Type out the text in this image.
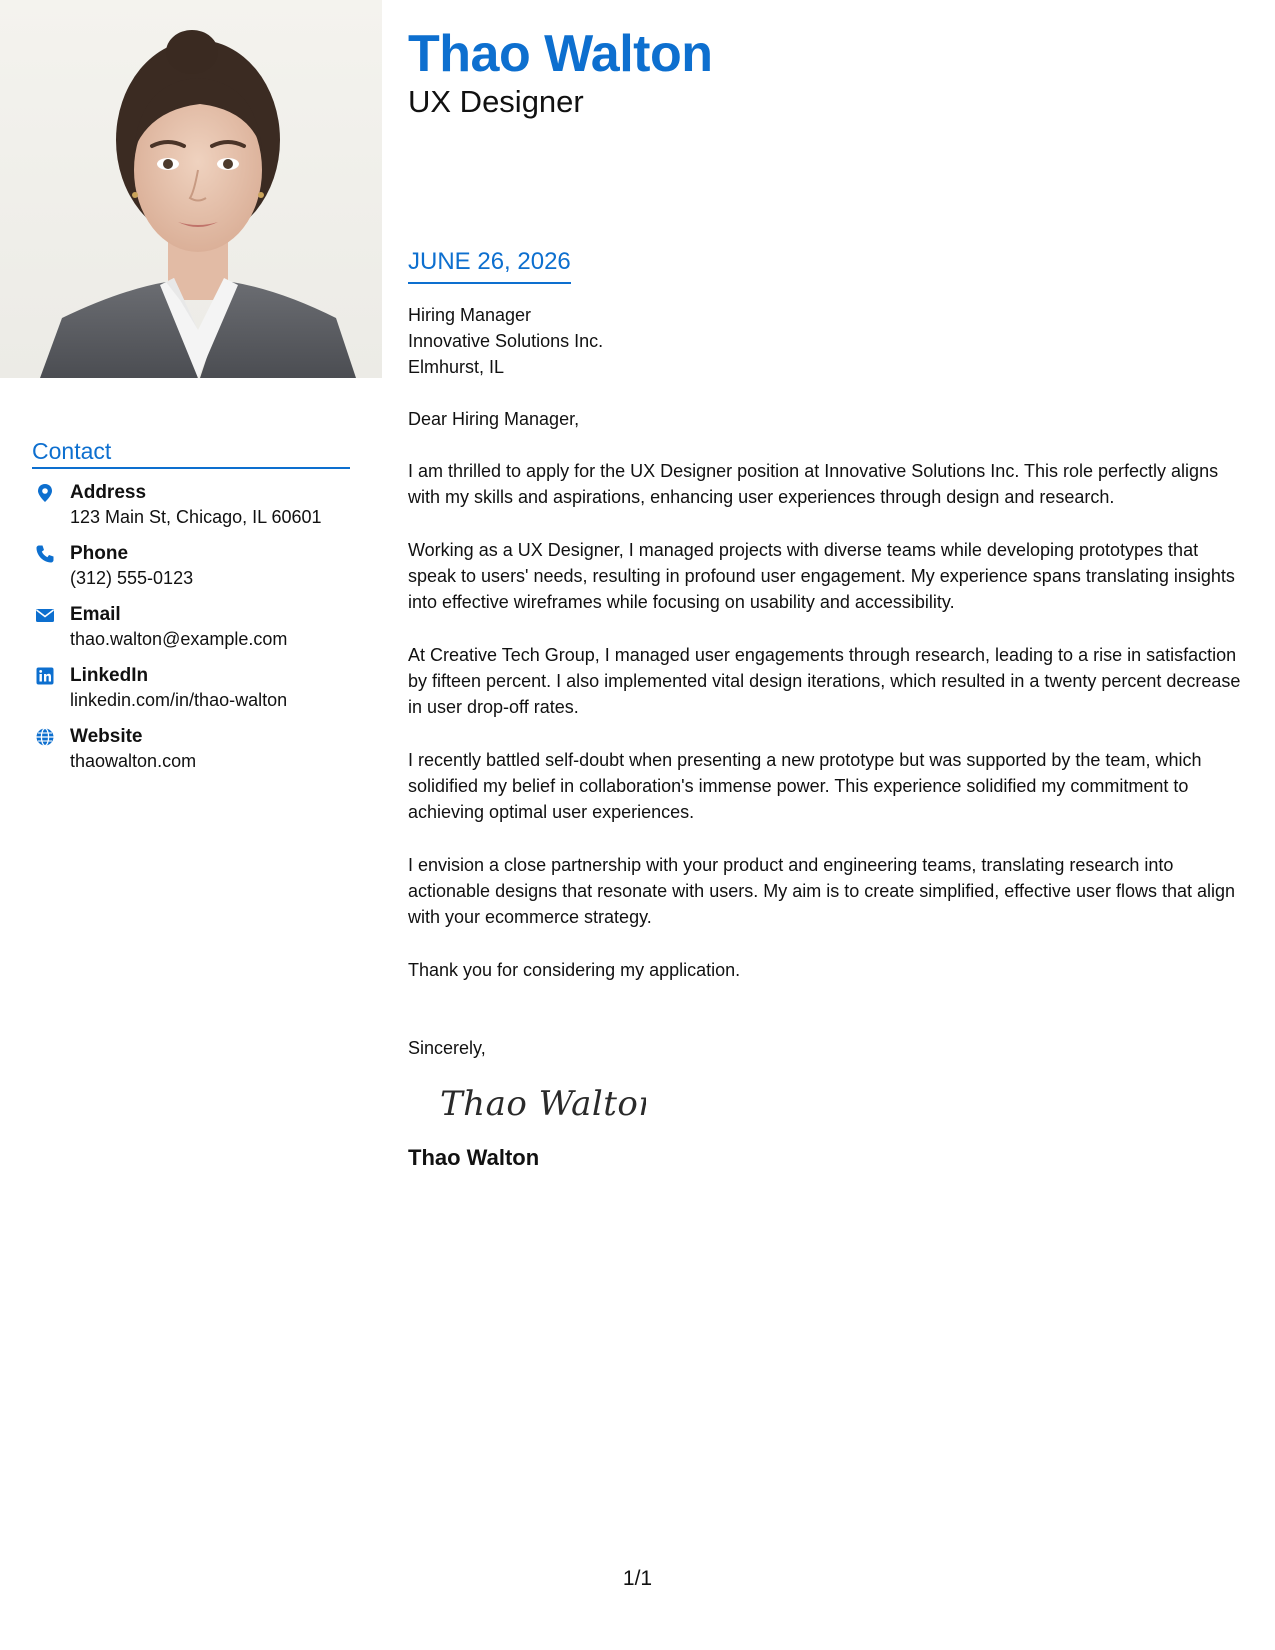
Contact
Address
123 Main St, Chicago, IL 60601
Phone
(312) 555-0123
Email
thao.walton@example.com
LinkedIn
linkedin.com/in/thao-walton
Website
thaowalton.com
Thao Walton
UX Designer
JUNE 26, 2026
Hiring Manager
Innovative Solutions Inc.
Elmhurst, IL

Dear Hiring Manager,

I am thrilled to apply for the UX Designer position at Innovative Solutions Inc. This role perfectly aligns with my skills and aspirations, enhancing user experiences through design and research.

Working as a UX Designer, I managed projects with diverse teams while developing prototypes that speak to users' needs, resulting in profound user engagement. My experience spans translating insights into effective wireframes while focusing on usability and accessibility.

At Creative Tech Group, I managed user engagements through research, leading to a rise in satisfaction by fifteen percent. I also implemented vital design iterations, which resulted in a twenty percent decrease in user drop-off rates.

I recently battled self-doubt when presenting a new prototype but was supported by the team, which solidified my belief in collaboration's immense power. This experience solidified my commitment to achieving optimal user experiences.

I envision a close partnership with your product and engineering teams, translating research into actionable designs that resonate with users. My aim is to create simplified, effective user flows that align with your ecommerce strategy.

Thank you for considering my application.

Sincerely,
Thao Walton
Thao Walton
1/1
